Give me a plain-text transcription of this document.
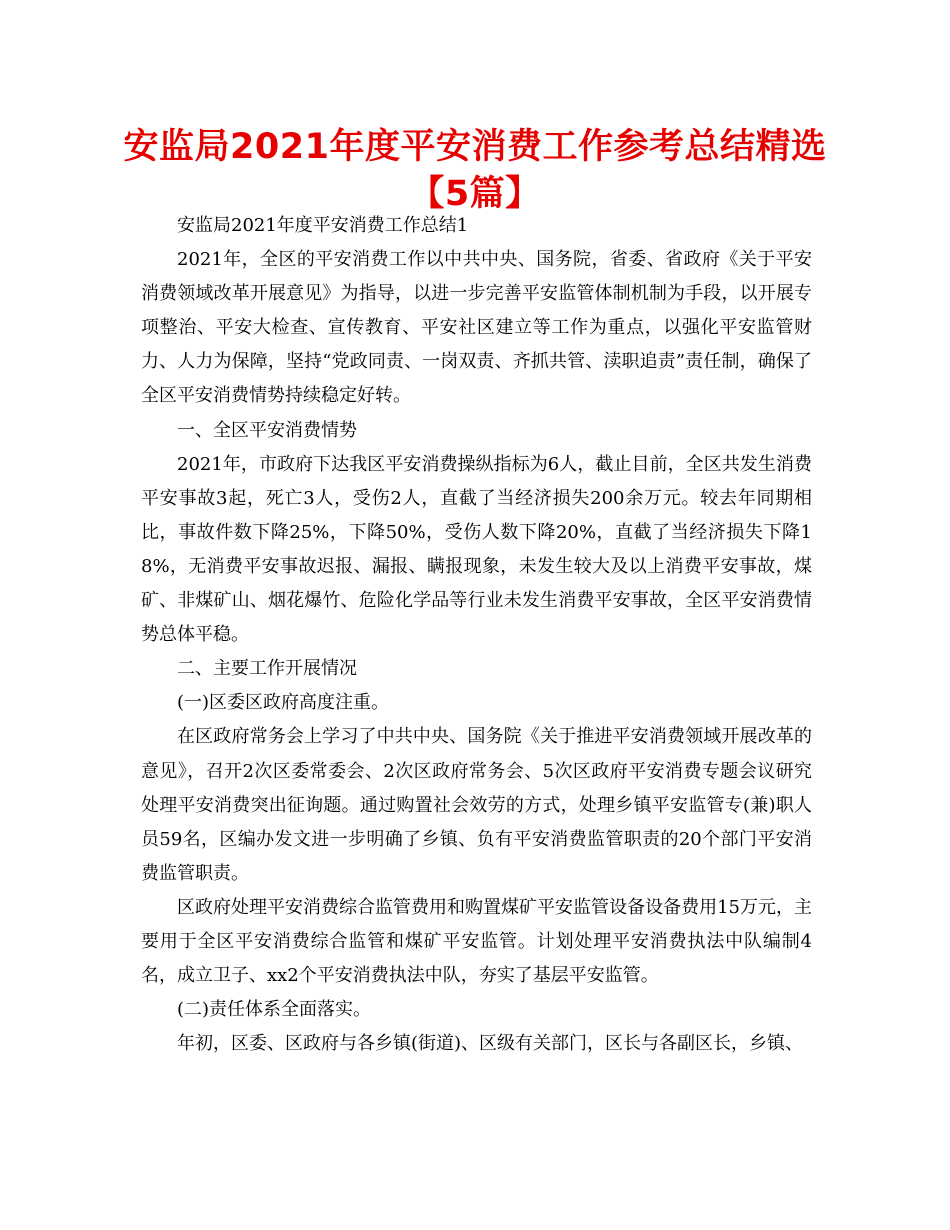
安监局2021年度平安消费工作参考总结精选【5篇】

安监局2021年度平安消费工作总结1

2021年，全区的平安消费工作以中共中央、国务院，省委、省政府《关于平安消费领域改革开展意见》为指导，以进一步完善平安监管体制机制为手段，以开展专项整治、平安大检查、宣传教育、平安社区建立等工作为重点，以强化平安监管财力、人力为保障，坚持“党政同责、一岗双责、齐抓共管、渎职追责”责任制，确保了全区平安消费情势持续稳定好转。

一、全区平安消费情势

2021年，市政府下达我区平安消费操纵指标为6人，截止目前，全区共发生消费平安事故3起，死亡3人，受伤2人，直截了当经济损失200余万元。较去年同期相比，事故件数下降25%，下降50%，受伤人数下降20%，直截了当经济损失下降18%，无消费平安事故迟报、漏报、瞒报现象，未发生较大及以上消费平安事故，煤矿、非煤矿山、烟花爆竹、危险化学品等行业未发生消费平安事故，全区平安消费情势总体平稳。

二、主要工作开展情况

(一)区委区政府高度注重。

在区政府常务会上学习了中共中央、国务院《关于推进平安消费领域开展改革的意见》，召开2次区委常委会、2次区政府常务会、5次区政府平安消费专题会议研究处理平安消费突出征询题。通过购置社会效劳的方式，处理乡镇平安监管专(兼)职人员59名，区编办发文进一步明确了乡镇、负有平安消费监管职责的20个部门平安消费监管职责。

区政府处理平安消费综合监管费用和购置煤矿平安监管设备设备费用15万元，主要用于全区平安消费综合监管和煤矿平安监管。计划处理平安消费执法中队编制4名，成立卫子、xx2个平安消费执法中队，夯实了基层平安监管。

(二)责任体系全面落实。

年初，区委、区政府与各乡镇(街道)、区级有关部门，区长与各副区长，乡镇、
